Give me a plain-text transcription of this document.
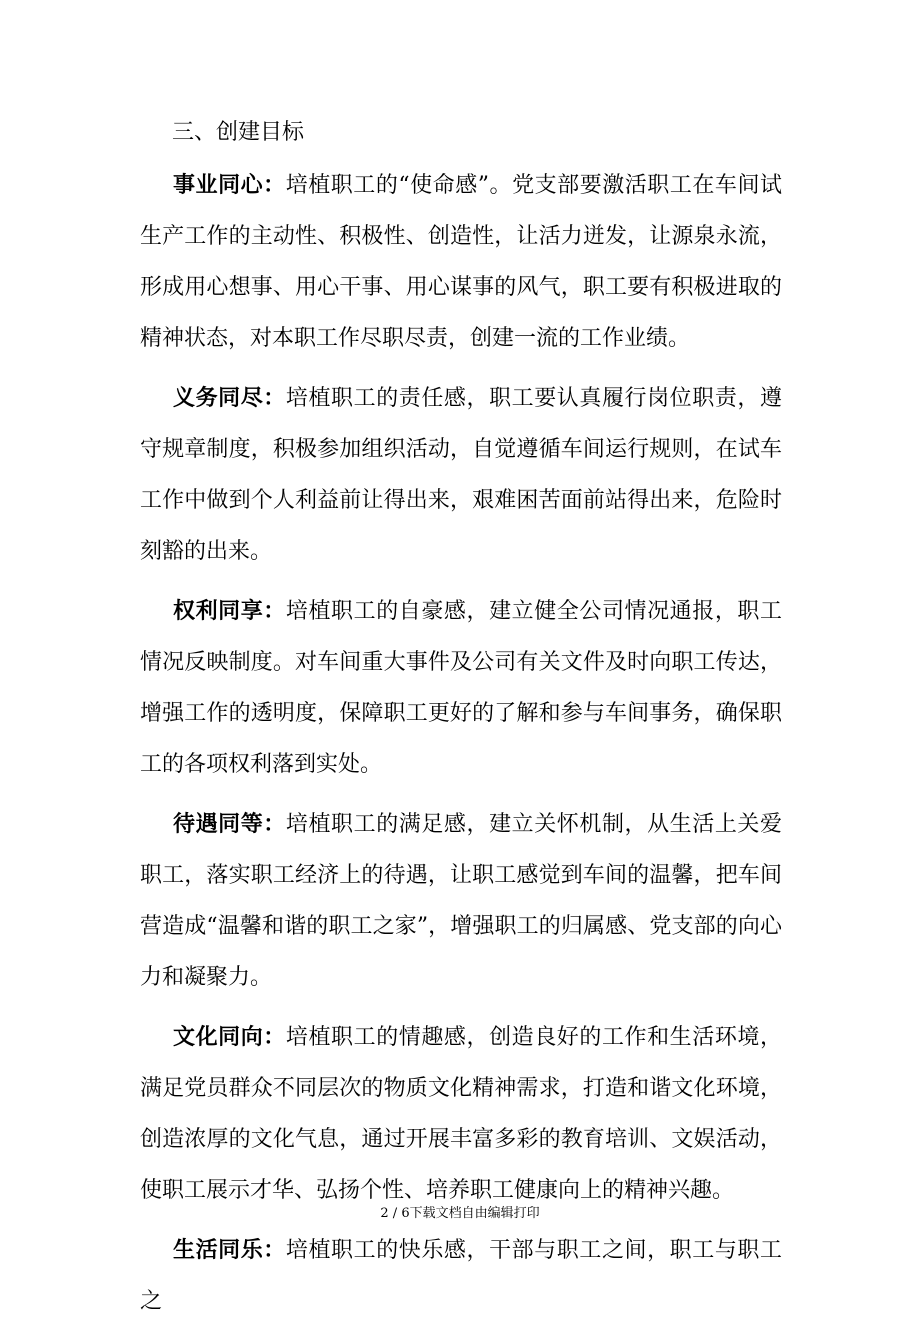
三、创建目标

事业同心：培植职工的“使命感”。党支部要激活职工在车间试生产工作的主动性、积极性、创造性，让活力迸发，让源泉永流，形成用心想事、用心干事、用心谋事的风气，职工要有积极进取的精神状态，对本职工作尽职尽责，创建一流的工作业绩。

义务同尽：培植职工的责任感，职工要认真履行岗位职责，遵守规章制度，积极参加组织活动，自觉遵循车间运行规则，在试车工作中做到个人利益前让得出来，艰难困苦面前站得出来，危险时刻豁的出来。

权利同享：培植职工的自豪感，建立健全公司情况通报，职工情况反映制度。对车间重大事件及公司有关文件及时向职工传达，增强工作的透明度，保障职工更好的了解和参与车间事务，确保职工的各项权利落到实处。

待遇同等：培植职工的满足感，建立关怀机制，从生活上关爱职工，落实职工经济上的待遇，让职工感觉到车间的温馨，把车间营造成“温馨和谐的职工之家”，增强职工的归属感、党支部的向心力和凝聚力。

文化同向：培植职工的情趣感，创造良好的工作和生活环境，满足党员群众不同层次的物质文化精神需求，打造和谐文化环境，创造浓厚的文化气息，通过开展丰富多彩的教育培训、文娱活动，使职工展示才华、弘扬个性、培养职工健康向上的精神兴趣。

生活同乐：培植职工的快乐感，干部与职工之间，职工与职工之

2 / 6下载文档自由编辑打印
